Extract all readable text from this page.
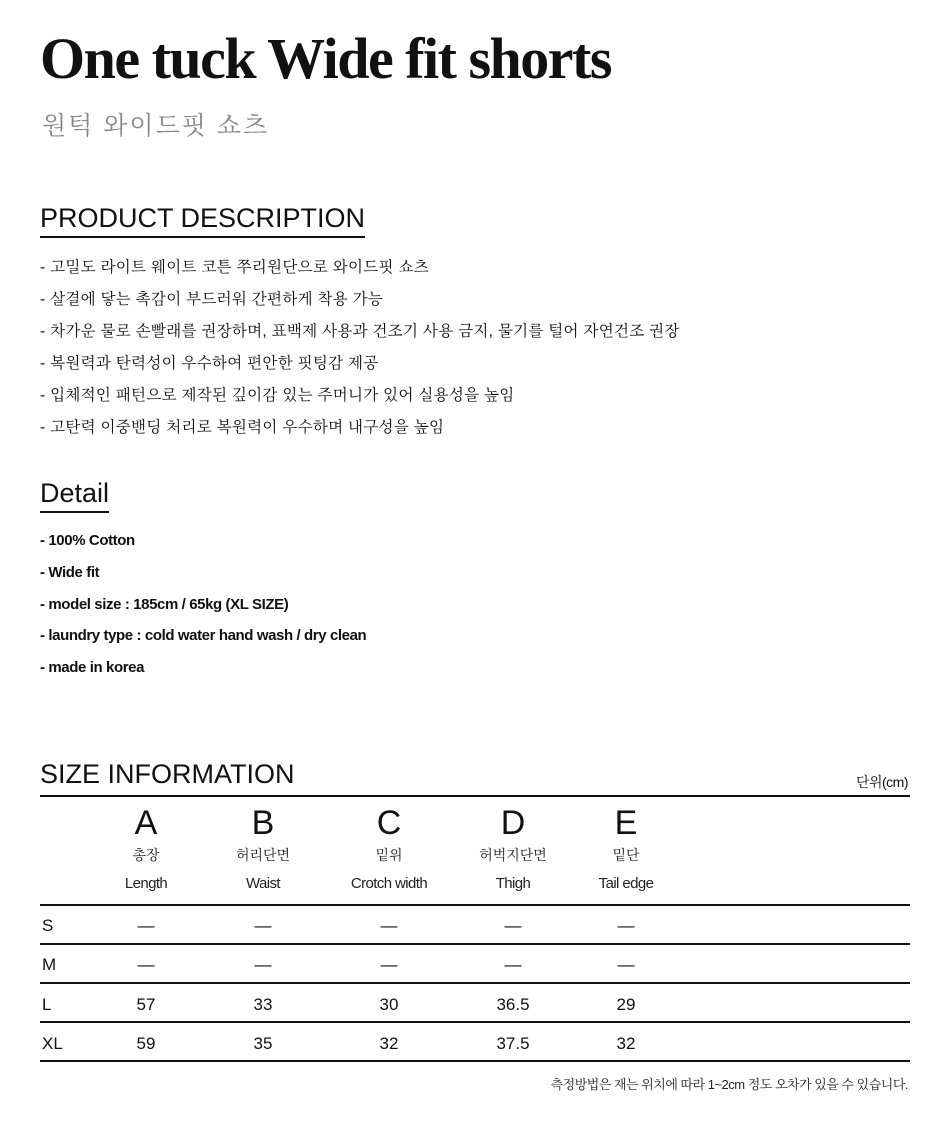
One tuck Wide fit shorts
원턱 와이드핏 쇼츠
PRODUCT DESCRIPTION
- 고밀도 라이트 웨이트 코튼 쭈리원단으로 와이드핏 쇼츠
- 살결에 닿는 촉감이 부드러워 간편하게 착용 가능
- 차가운 물로 손빨래를 권장하며, 표백제 사용과 건조기 사용 금지, 물기를 털어 자연건조 권장
- 복원력과 탄력성이 우수하여 편안한 핏팅감 제공
- 입체적인 패턴으로 제작된 깊이감 있는 주머니가 있어 실용성을 높임
- 고탄력 이중밴딩 처리로 복원력이 우수하며 내구성을 높임
Detail
- 100% Cotton
- Wide fit
- model size : 185cm / 65kg (XL SIZE)
- laundry type : cold water hand wash / dry clean
- made in korea
SIZE INFORMATION	단위(cm)
A
총장
Length
B
허리단면
Waist
C
밑위
Crotch width
D
허벅지단면
Thigh
E
밑단
Tail edge
S	—	—	—	—	—
M	—	—	—	—	—
L	57	33	30	36.5	29
XL	59	35	32	37.5	32
측정방법은 재는 위치에 따라 1~2cm 정도 오차가 있을 수 있습니다.
